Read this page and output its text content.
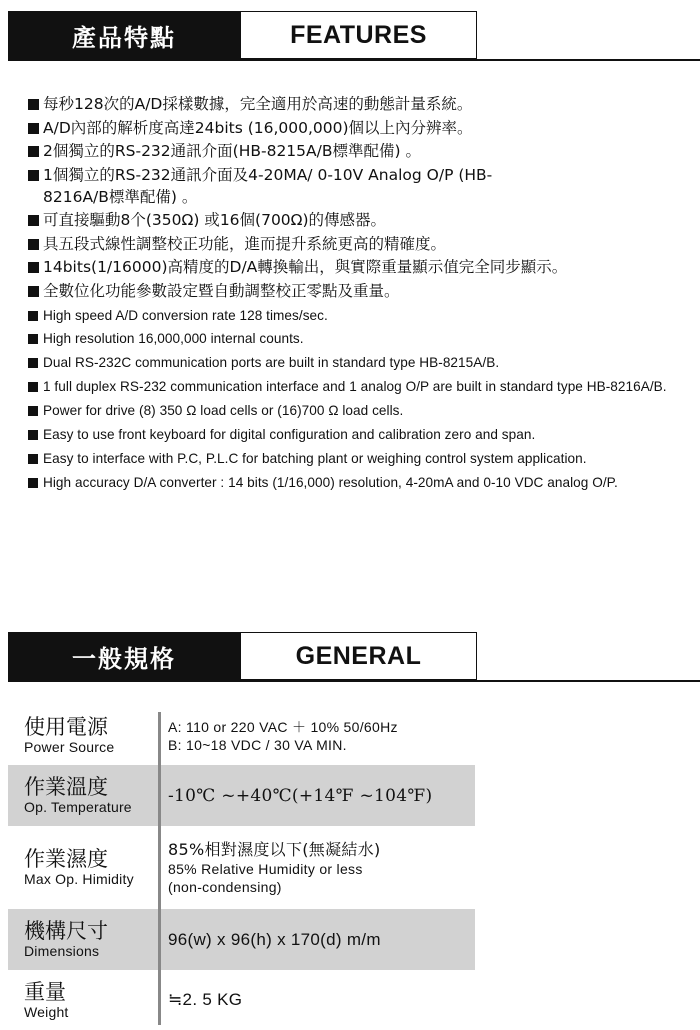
產品特點	FEATURES
每秒128次的A/D採樣數據，完全適用於高速的動態計量系統。
A/D內部的解析度高達24bits (16,000,000)個以上內分辨率。
2個獨立的RS-232通訊介面(HB-8215A/B標準配備) 。
1個獨立的RS-232通訊介面及4-20MA/ 0-10V Analog O/P (HB-8216A/B標準配備) 。
可直接驅動8个(350Ω) 或16個(700Ω)的傳感器。
具五段式線性調整校正功能，進而提升系統更高的精確度。
14bits(1/16000)高精度的D/A轉換輸出，與實際重量顯示值完全同步顯示。
全數位化功能參數設定暨自動調整校正零點及重量。
High speed A/D conversion rate 128 times/sec.
High resolution 16,000,000 internal counts.
Dual RS-232C communication ports are built in standard type HB-8215A/B.
1 full duplex RS-232 communication interface and 1 analog O/P are built in standard type HB-8216A/B.
Power for drive (8) 350 Ω load cells or (16)700 Ω load cells.
Easy to use front keyboard for digital configuration and calibration zero and span.
Easy to interface with P.C, P.L.C for batching plant or weighing control system application.
High accuracy D/A converter : 14 bits (1/16,000) resolution, 4-20mA and 0-10 VDC analog O/P.
一般規格	GENERAL
使用電源
Power Source
A: 110 or 220 VAC ＋ 10% 50/60Hz
B: 10~18 VDC / 30 VA MIN.
作業溫度
Op. Temperature
-10℃ ~+40℃(+14℉ ~104℉)
作業濕度
Max Op. Himidity
85%相對濕度以下(無凝結水)
85% Relative Humidity or less
(non-condensing)
機構尺寸
Dimensions
96(w) x 96(h) x 170(d) m/m
重量
Weight
≒2. 5 KG
